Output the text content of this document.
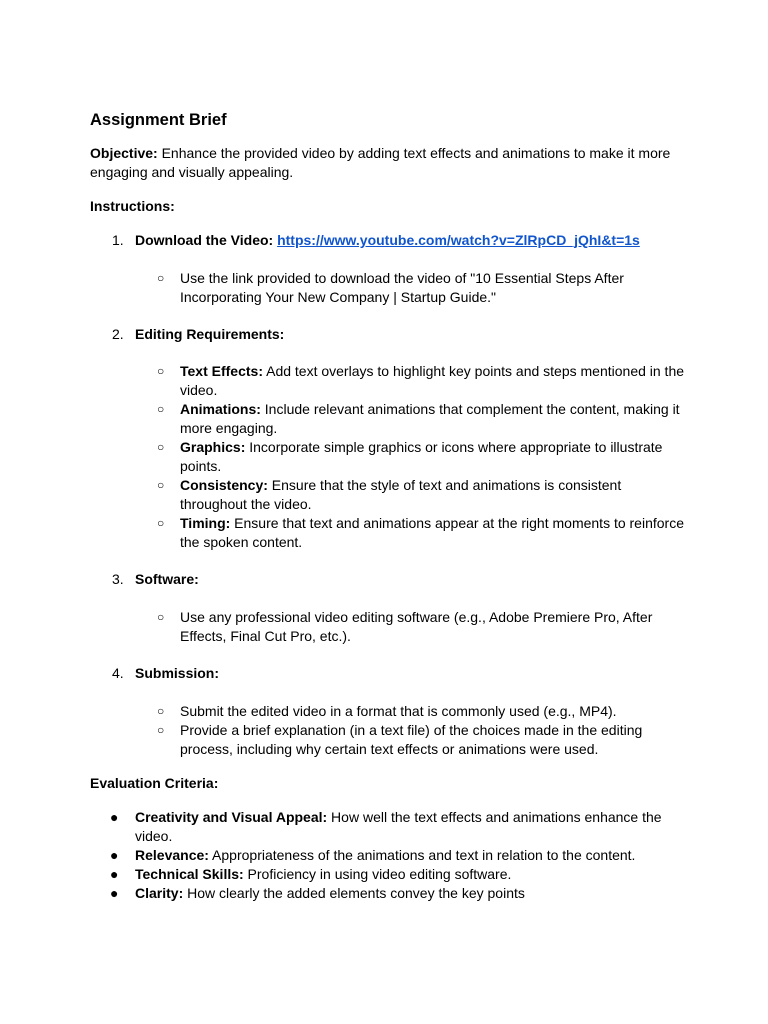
Assignment Brief

Objective: Enhance the provided video by adding text effects and animations to make it more engaging and visually appealing.

Instructions:

1. Download the Video: https://www.youtube.com/watch?v=ZlRpCD_jQhI&t=1s
○ Use the link provided to download the video of "10 Essential Steps After Incorporating Your New Company | Startup Guide."
2. Editing Requirements:
○ Text Effects: Add text overlays to highlight key points and steps mentioned in the video.
○ Animations: Include relevant animations that complement the content, making it more engaging.
○ Graphics: Incorporate simple graphics or icons where appropriate to illustrate points.
○ Consistency: Ensure that the style of text and animations is consistent throughout the video.
○ Timing: Ensure that text and animations appear at the right moments to reinforce the spoken content.
3. Software:
○ Use any professional video editing software (e.g., Adobe Premiere Pro, After Effects, Final Cut Pro, etc.).
4. Submission:
○ Submit the edited video in a format that is commonly used (e.g., MP4).
○ Provide a brief explanation (in a text file) of the choices made in the editing process, including why certain text effects or animations were used.

Evaluation Criteria:

● Creativity and Visual Appeal: How well the text effects and animations enhance the video.
● Relevance: Appropriateness of the animations and text in relation to the content.
● Technical Skills: Proficiency in using video editing software.
● Clarity: How clearly the added elements convey the key points
